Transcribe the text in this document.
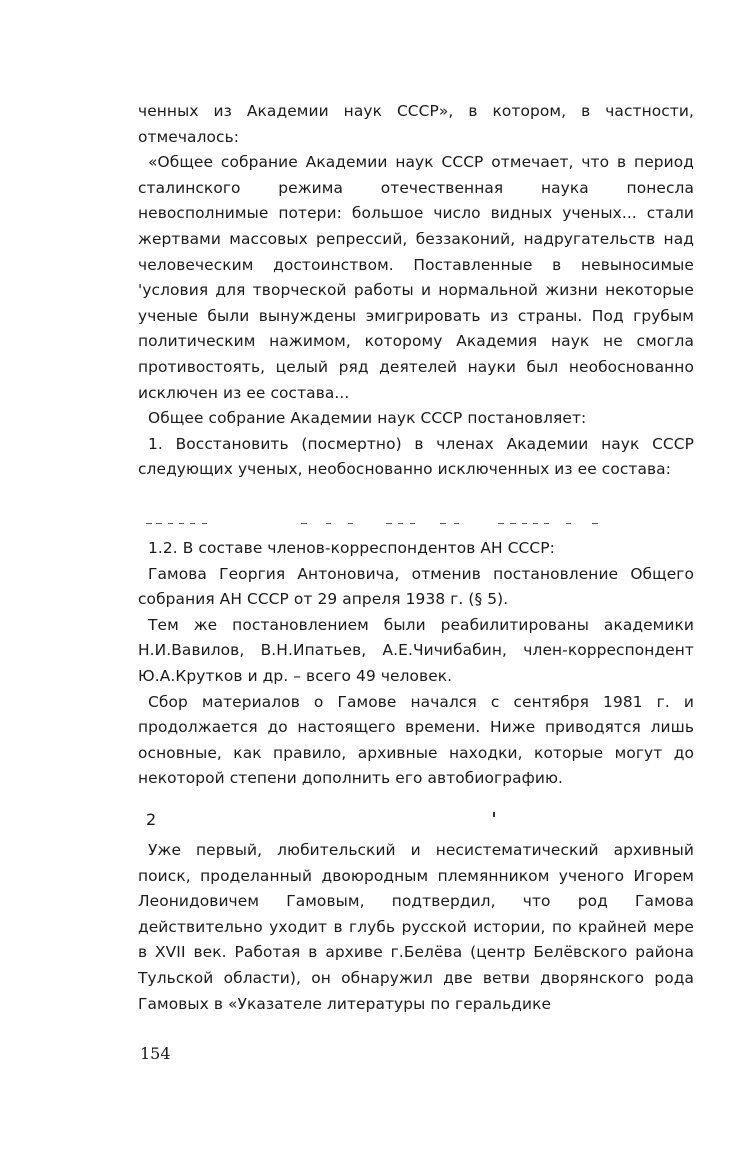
ченных из Академии наук СССР», в котором, в частности, отмечалось:

«Общее собрание Академии наук СССР отмечает, что в период сталинского режима отечественная наука понесла невосполнимые потери: большое число видных ученых... стали жертвами массовых репрессий, беззаконий, надругательств над человеческим достоинством. Поставленные в невыносимые 'условия для творческой работы и нормальной жизни некоторые ученые были вынуждены эмигрировать из страны. Под грубым политическим нажимом, которому Академия наук не смогла противостоять, целый ряд деятелей науки был необоснованно исключен из ее состава...

Общее собрание Академии наук СССР постановляет:

1. Восстановить (посмертно) в членах Академии наук СССР следующих ученых, необоснованно исключенных из ее состава:

1.2. В составе членов-корреспондентов АН СССР:

Гамова Георгия Антоновича, отменив постановление Общего собрания АН СССР от 29 апреля 1938 г. (§ 5).

Тем же постановлением были реабилитированы академики Н.И.Вавилов, В.Н.Ипатьев, А.Е.Чичибабин, член-корреспондент Ю.А.Крутков и др. – всего 49 человек.

Сбор материалов о Гамове начался с сентября 1981 г. и продолжается до настоящего времени. Ниже приводятся лишь основные, как правило, архивные находки, которые могут до некоторой степени дополнить его автобиографию.

2

Уже первый, любительский и несистематический архивный поиск, проделанный двоюродным племянником ученого Игорем Леонидовичем Гамовым, подтвердил, что род Гамова действительно уходит в глубь русской истории, по крайней мере в XVII век. Работая в архиве г.Белёва (центр Белёвского района Тульской области), он обнаружил две ветви дворянского рода Гамовых в «Указателе литературы по геральдике

154
